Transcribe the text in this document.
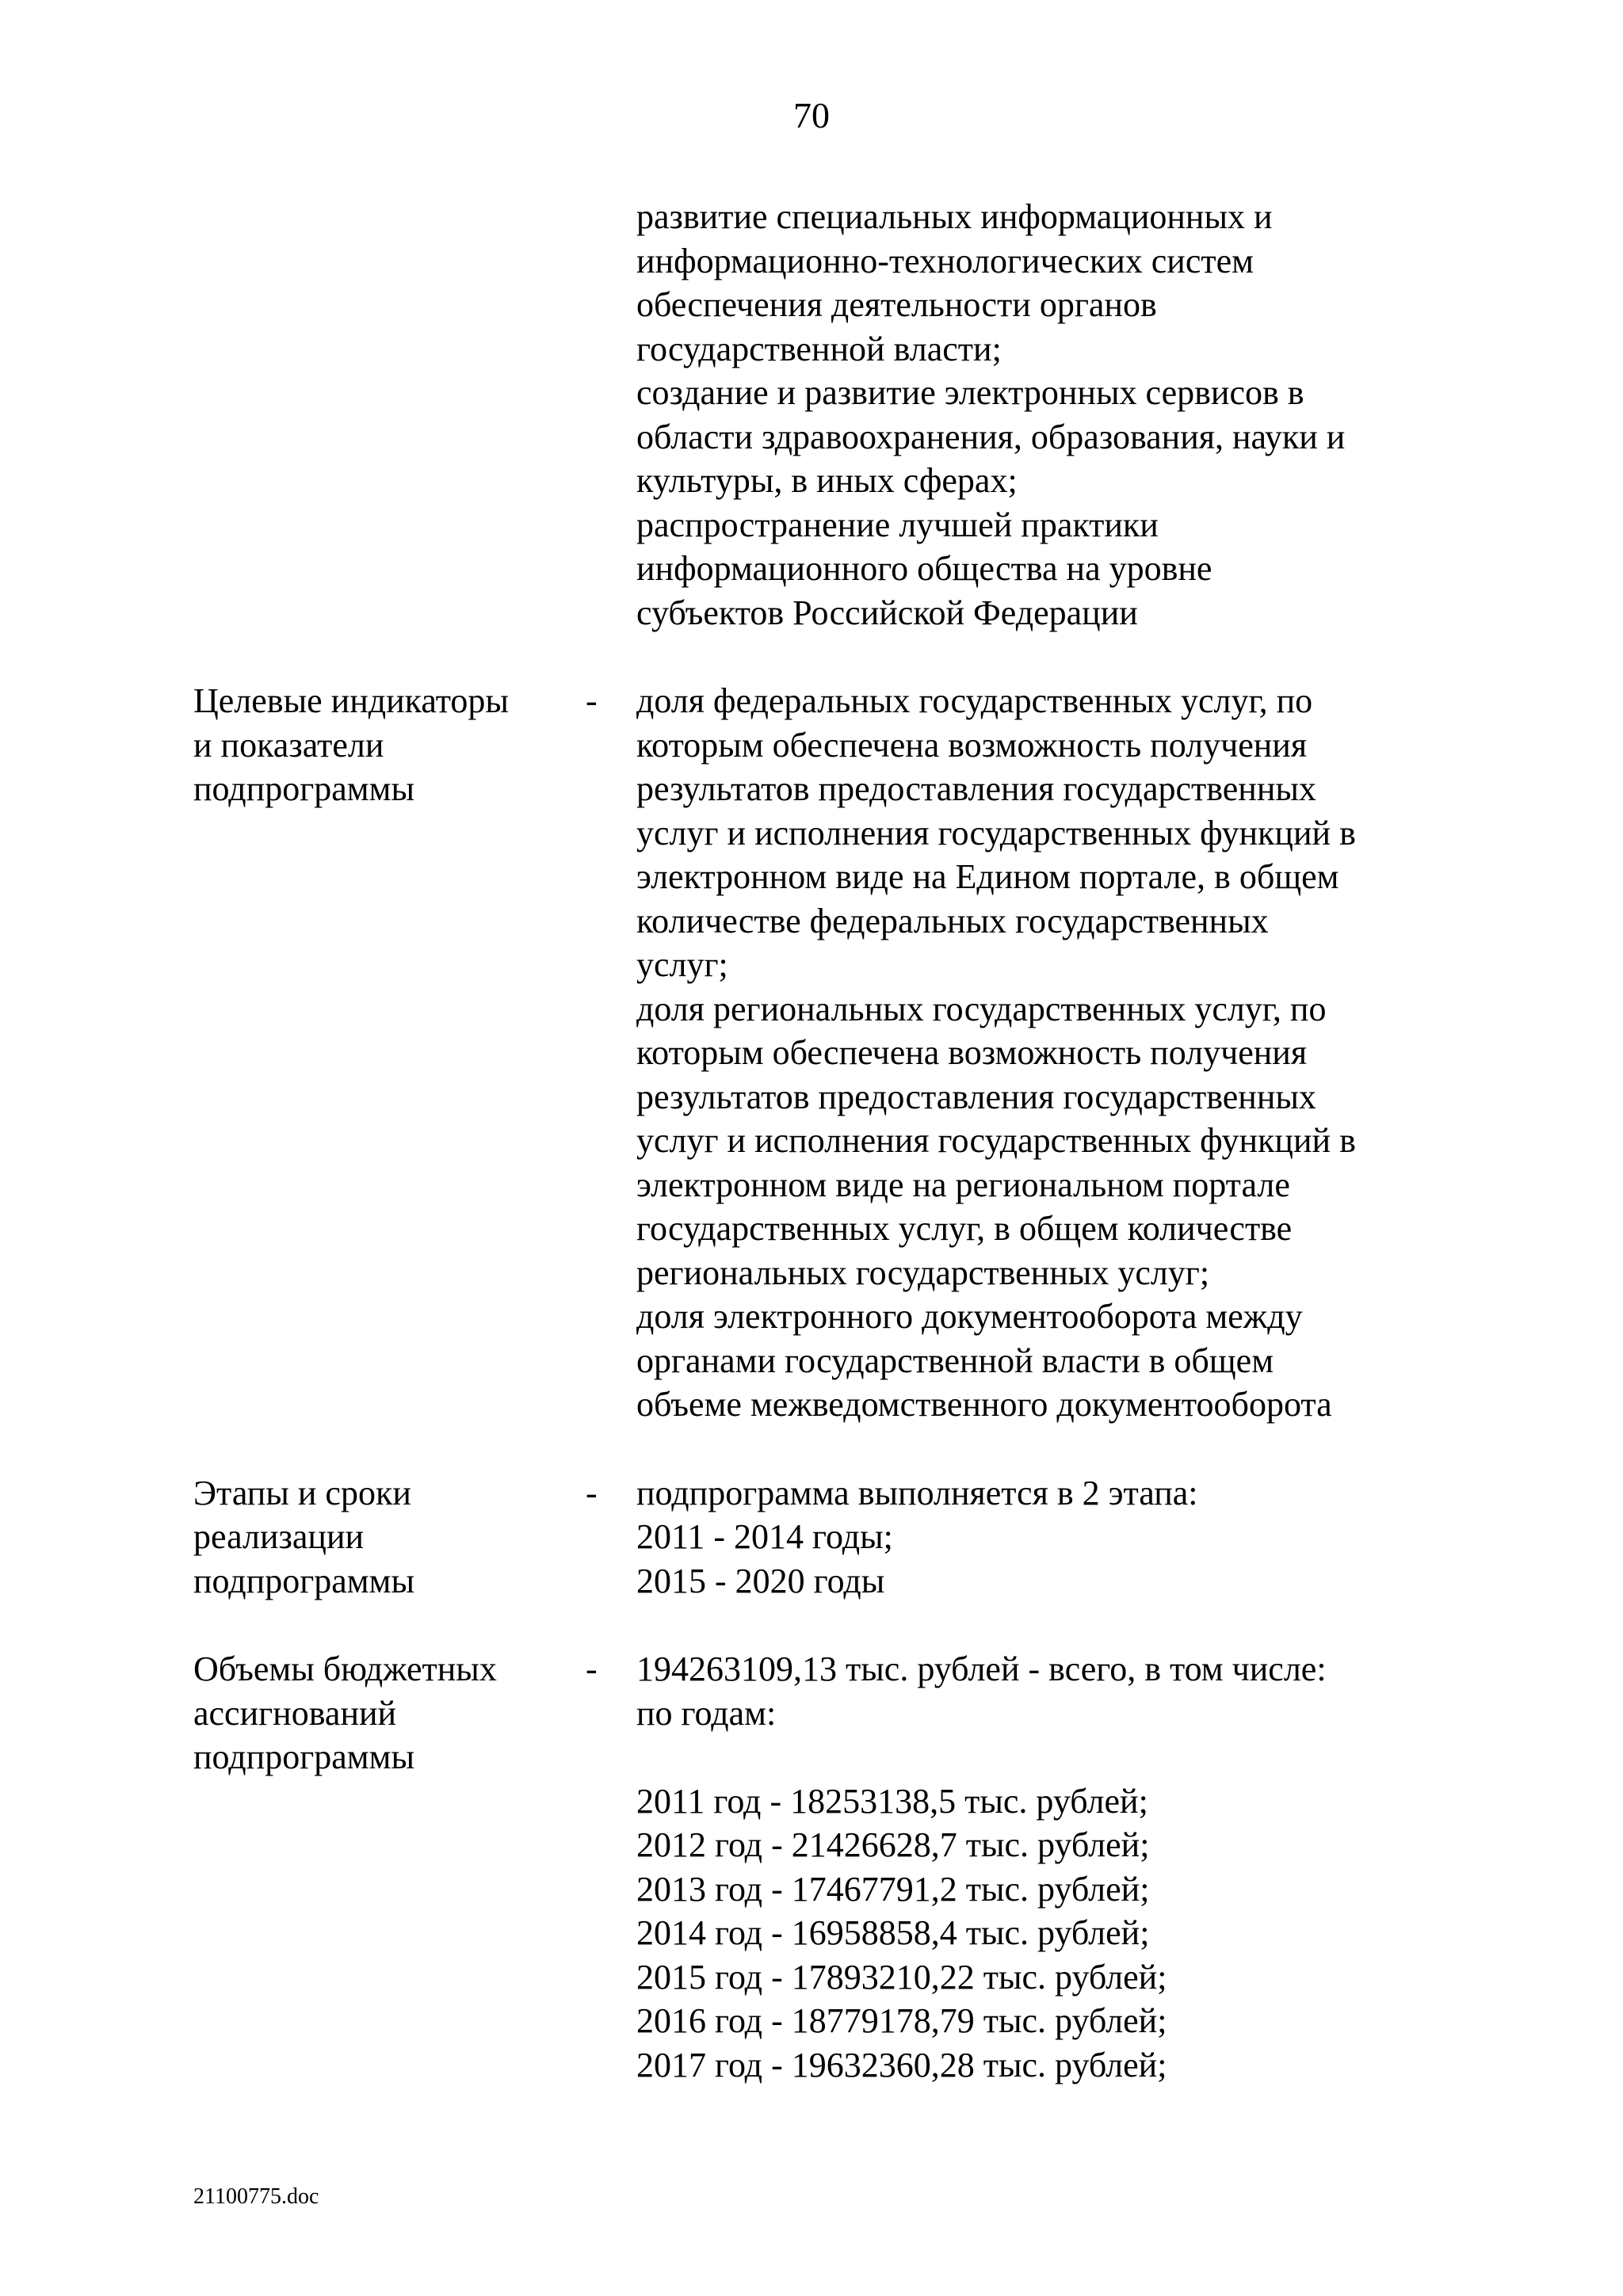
70
развитие специальных информационных и
информационно-технологических систем
обеспечения деятельности органов
государственной власти;
создание и развитие электронных сервисов в
области здравоохранения, образования, науки и
культуры, в иных сферах;
распространение лучшей практики
информационного общества на уровне
субъектов Российской Федерации
Целевые индикаторы
и показатели
подпрограммы
- доля федеральных государственных услуг, по
которым обеспечена возможность получения
результатов предоставления государственных
услуг и исполнения государственных функций в
электронном виде на Едином портале, в общем
количестве федеральных государственных
услуг;
доля региональных государственных услуг, по
которым обеспечена возможность получения
результатов предоставления государственных
услуг и исполнения государственных функций в
электронном виде на региональном портале
государственных услуг, в общем количестве
региональных государственных услуг;
доля электронного документооборота между
органами государственной власти в общем
объеме межведомственного документооборота
Этапы и сроки
реализации
подпрограммы
- подпрограмма выполняется в 2 этапа:
2011 - 2014 годы;
2015 - 2020 годы
Объемы бюджетных
ассигнований
подпрограммы
- 194263109,13 тыс. рублей - всего, в том числе:
по годам:
2011 год - 18253138,5 тыс. рублей;
2012 год - 21426628,7 тыс. рублей;
2013 год - 17467791,2 тыс. рублей;
2014 год - 16958858,4 тыс. рублей;
2015 год - 17893210,22 тыс. рублей;
2016 год - 18779178,79 тыс. рублей;
2017 год - 19632360,28 тыс. рублей;
21100775.doc
